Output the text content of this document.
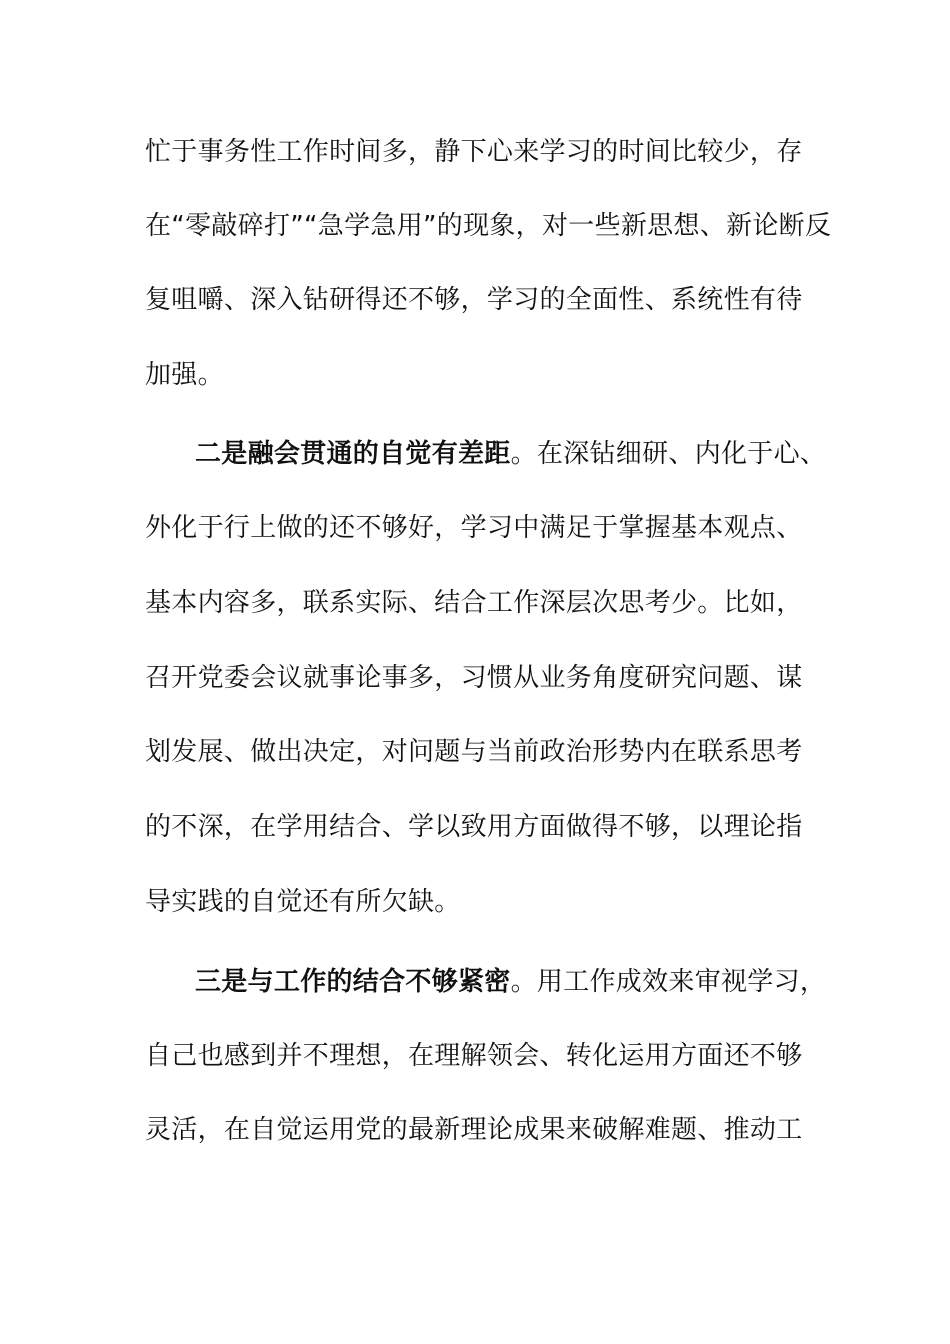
忙于事务性工作时间多，静下心来学习的时间比较少，存
在“零敲碎打”“急学急用”的现象，对一些新思想、新论断反
复咀嚼、深入钻研得还不够，学习的全面性、系统性有待
加强。
二是融会贯通的自觉有差距。在深钻细研、内化于心、
外化于行上做的还不够好，学习中满足于掌握基本观点、
基本内容多，联系实际、结合工作深层次思考少。比如，
召开党委会议就事论事多，习惯从业务角度研究问题、谋
划发展、做出决定，对问题与当前政治形势内在联系思考
的不深，在学用结合、学以致用方面做得不够，以理论指
导实践的自觉还有所欠缺。
三是与工作的结合不够紧密。用工作成效来审视学习，
自己也感到并不理想，在理解领会、转化运用方面还不够
灵活，在自觉运用党的最新理论成果来破解难题、推动工
